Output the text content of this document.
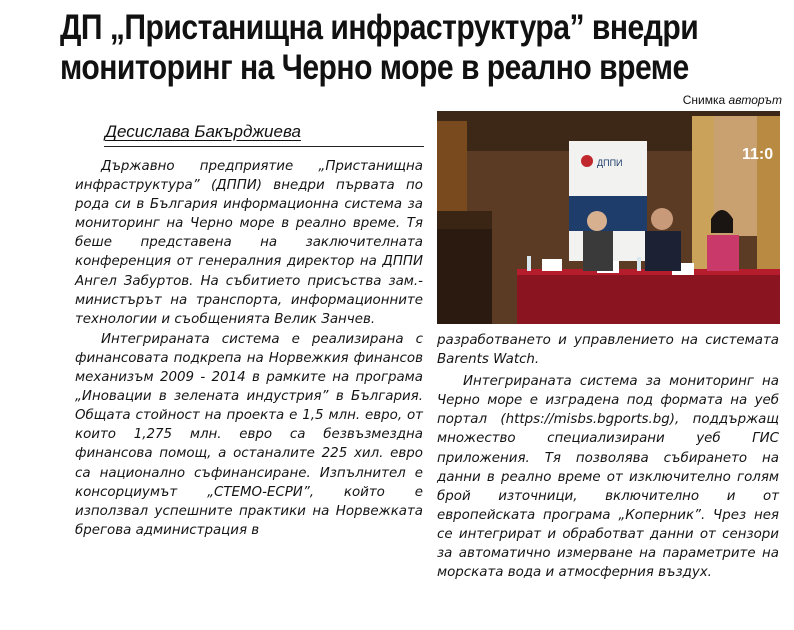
ДП „Пристанищна инфраструктура” внедри
мониторинг на Черно море в реално време
Снимка авторът
Десислава Бакърджиева

Държавно предприятие „Пристанищна инфраструктура” (ДППИ) внедри първата по рода си в България информационна система за мониторинг на Черно море в реално време. Тя беше представена на заключителната конференция от генералния директор на ДППИ Ангел Забуртов. На събитието присъства зам.-министърът на транспорта, информационните технологии и съобщенията Велик Занчев.

Интегрираната система е реализирана с финансовата подкрепа на Норвежкия финансов механизъм 2009 - 2014 в рамките на програма „Иновации в зелената индустрия” в България. Общата стойност на проекта е 1,5 млн. евро, от които 1,275 млн. евро са безвъзмездна финансова помощ, а останалите 225 хил. евро са национално съфинансиране. Изпълнител е консорциумът „СТЕМО-ЕСРИ”, който е използвал успешните практики на Норвежката брегова администрация в

ДППИ	11:0

разработването и управлението на системата Barents Watch.

Интегрираната система за мониторинг на Черно море е изградена под формата на уеб портал (https://misbs.bgports.bg), поддържащ множество специализирани уеб ГИС приложения. Тя позволява събирането на данни в реално време от изключително голям брой източници, включително и от европейската програма „Коперник”. Чрез нея се интегрират и обработват данни от сензори за автоматично измерване на параметрите на морската вода и атмосферния въздух.
